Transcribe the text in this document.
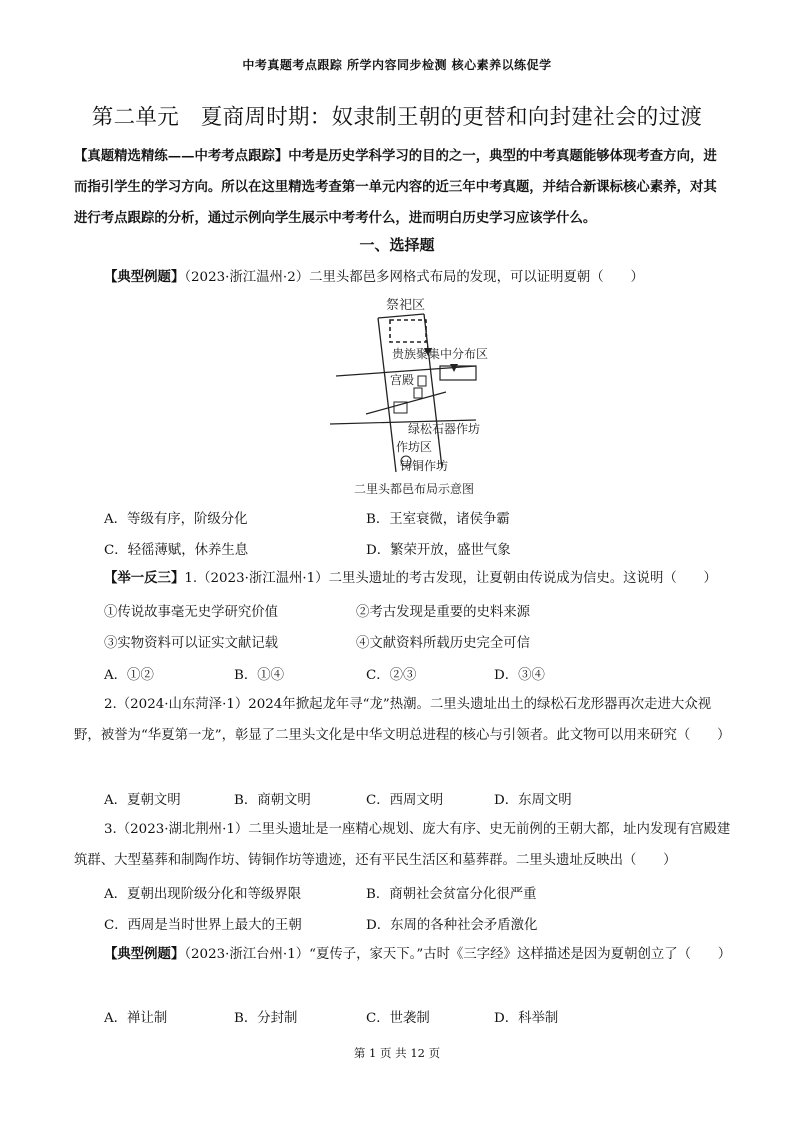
中考真题考点跟踪 所学内容同步检测 核心素养以练促学
第二单元　夏商周时期：奴隶制王朝的更替和向封建社会的过渡
【真题精选精练——中考考点跟踪】中考是历史学科学习的目的之一，典型的中考真题能够体现考查方向，进而指引学生的学习方向。所以在这里精选考查第一单元内容的近三年中考真题，并结合新课标核心素养，对其进行考点跟踪的分析，通过示例向学生展示中考考什么，进而明白历史学习应该学什么。
一、选择题
【典型例题】（2023·浙江温州·2）二里头都邑多网格式布局的发现，可以证明夏朝（　　）
祭祀区
贵族聚集中分布区
宫殿
绿松石器作坊
作坊区
铸铜作坊
二里头都邑布局示意图
A．等级有序，阶级分化	B．王室衰微，诸侯争霸
C．轻徭薄赋，休养生息	D．繁荣开放，盛世气象
【举一反三】1.（2023·浙江温州·1）二里头遗址的考古发现，让夏朝由传说成为信史。这说明（　　）
①传说故事毫无史学研究价值	②考古发现是重要的史料来源
③实物资料可以证实文献记载	④文献资料所载历史完全可信
A．①②	B．①④	C．②③	D．③④
2.（2024·山东菏泽·1）2024年掀起龙年寻“龙”热潮。二里头遗址出土的绿松石龙形器再次走进大众视野，被誉为“华夏第一龙”，彰显了二里头文化是中华文明总进程的核心与引领者。此文物可以用来研究（　　）
A．夏朝文明	B．商朝文明	C．西周文明	D．东周文明
3.（2023·湖北荆州·1）二里头遗址是一座精心规划、庞大有序、史无前例的王朝大都，址内发现有宫殿建筑群、大型墓葬和制陶作坊、铸铜作坊等遗迹，还有平民生活区和墓葬群。二里头遗址反映出（　　）
A．夏朝出现阶级分化和等级界限	B．商朝社会贫富分化很严重
C．西周是当时世界上最大的王朝	D．东周的各种社会矛盾激化
【典型例题】（2023·浙江台州·1）“夏传子，家天下。”古时《三字经》这样描述是因为夏朝创立了（　　）
A．禅让制	B．分封制	C．世袭制	D．科举制
第 1 页 共 12 页
